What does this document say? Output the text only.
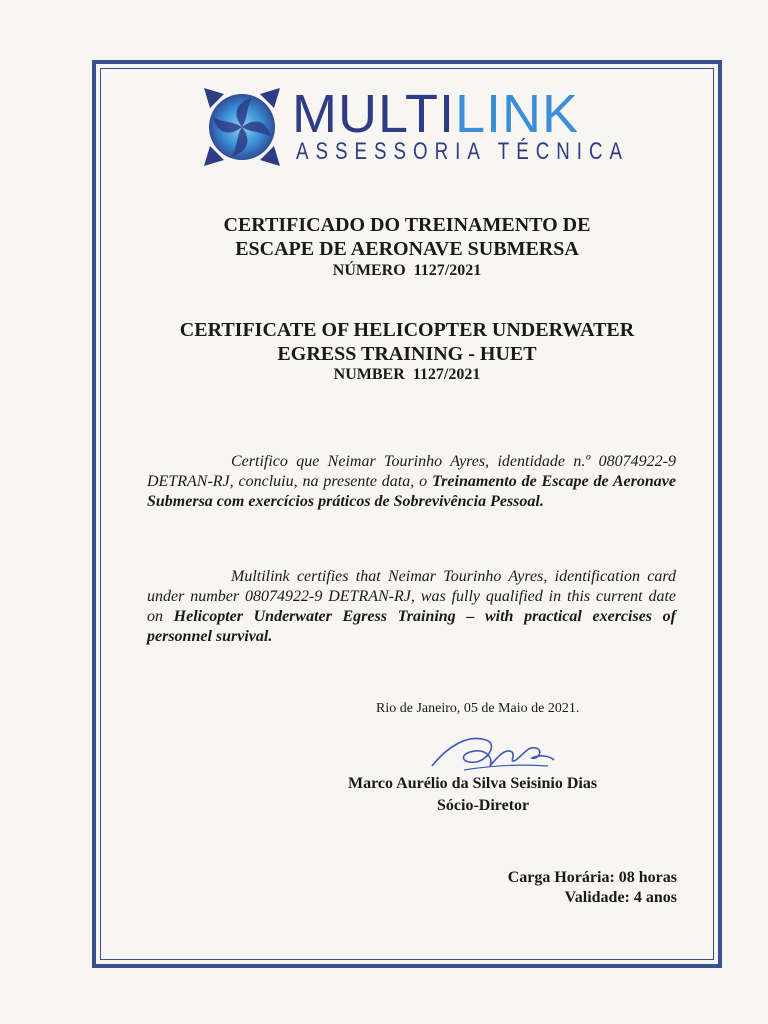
MULTILINK
ASSESSORIA TÉCNICA
CERTIFICADO DO TREINAMENTO DE
ESCAPE DE AERONAVE SUBMERSA
NÚMERO  1127/2021
CERTIFICATE OF HELICOPTER UNDERWATER
EGRESS TRAINING - HUET
NUMBER  1127/2021
Certifico que Neimar Tourinho Ayres, identidade n.º 08074922-9 DETRAN-RJ, concluiu, na presente data, o Treinamento de Escape de Aeronave Submersa com exercícios práticos de Sobrevivência Pessoal.
Multilink certifies that Neimar Tourinho Ayres, identification card under number 08074922-9 DETRAN-RJ, was fully qualified in this current date on Helicopter Underwater Egress Training – with practical exercises of personnel survival.
Rio de Janeiro, 05 de Maio de 2021.
Marco Aurélio da Silva Seisinio Dias
Sócio-Diretor
Carga Horária: 08 horas
Validade: 4 anos
